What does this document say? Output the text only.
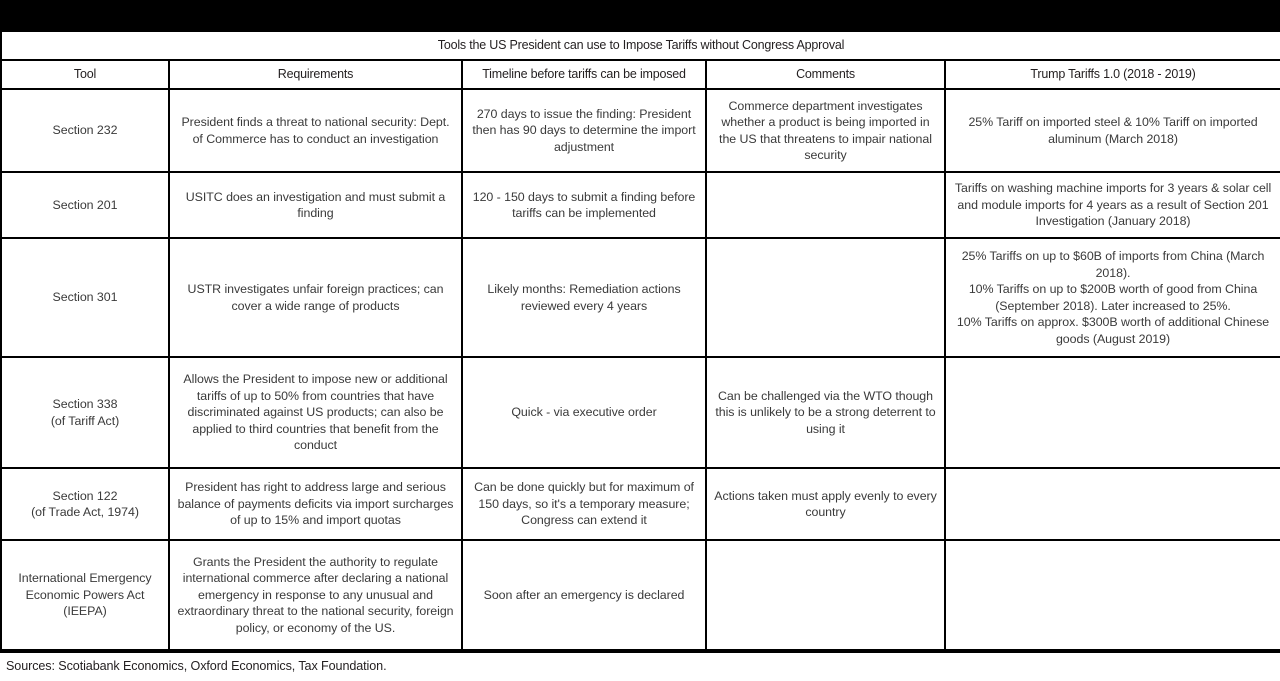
Tools the US President can use to Impose Tariffs without Congress Approval				
Tool	Requirements	Timeline before tariffs can be imposed	Comments	Trump Tariffs 1.0 (2018 - 2019)

Section 232	President finds a threat to national security: Dept. of Commerce has to conduct an investigation	270 days to issue the finding: President then has 90 days to determine the import adjustment	Commerce department investigates whether a product is being imported in the US that threatens to impair national security	25% Tariff on imported steel & 10% Tariff on imported aluminum (March 2018)

Section 201	USITC does an investigation and must submit a finding	120 - 150 days to submit a finding before tariffs can be implemented		Tariffs on washing machine imports for 3 years & solar cell and module imports for 4 years as a result of Section 201 Investigation (January 2018)

Section 301	USTR investigates unfair foreign practices; can cover a wide range of products	Likely months: Remediation actions reviewed every 4 years		25% Tariffs on up to $60B of imports from China (March 2018).
10% Tariffs on up to $200B worth of good from China (September 2018). Later increased to 25%.
10% Tariffs on approx. $300B worth of additional Chinese goods (August 2019)

Section 338
(of Tariff Act)	Allows the President to impose new or additional tariffs of up to 50% from countries that have discriminated against US products; can also be applied to third countries that benefit from the conduct	Quick - via executive order	Can be challenged via the WTO though this is unlikely to be a strong deterrent to using it	

Section 122
(of Trade Act, 1974)	President has right to address large and serious balance of payments deficits via import surcharges of up to 15% and import quotas	Can be done quickly but for maximum of 150 days, so it's a temporary measure; Congress can extend it	Actions taken must apply evenly to every country	

International Emergency Economic Powers Act
(IEEPA)	Grants the President the authority to regulate international commerce after declaring a national emergency in response to any unusual and extraordinary threat to the national security, foreign policy, or economy of the US.	Soon after an emergency is declared		
Sources: Scotiabank Economics, Oxford Economics, Tax Foundation.
